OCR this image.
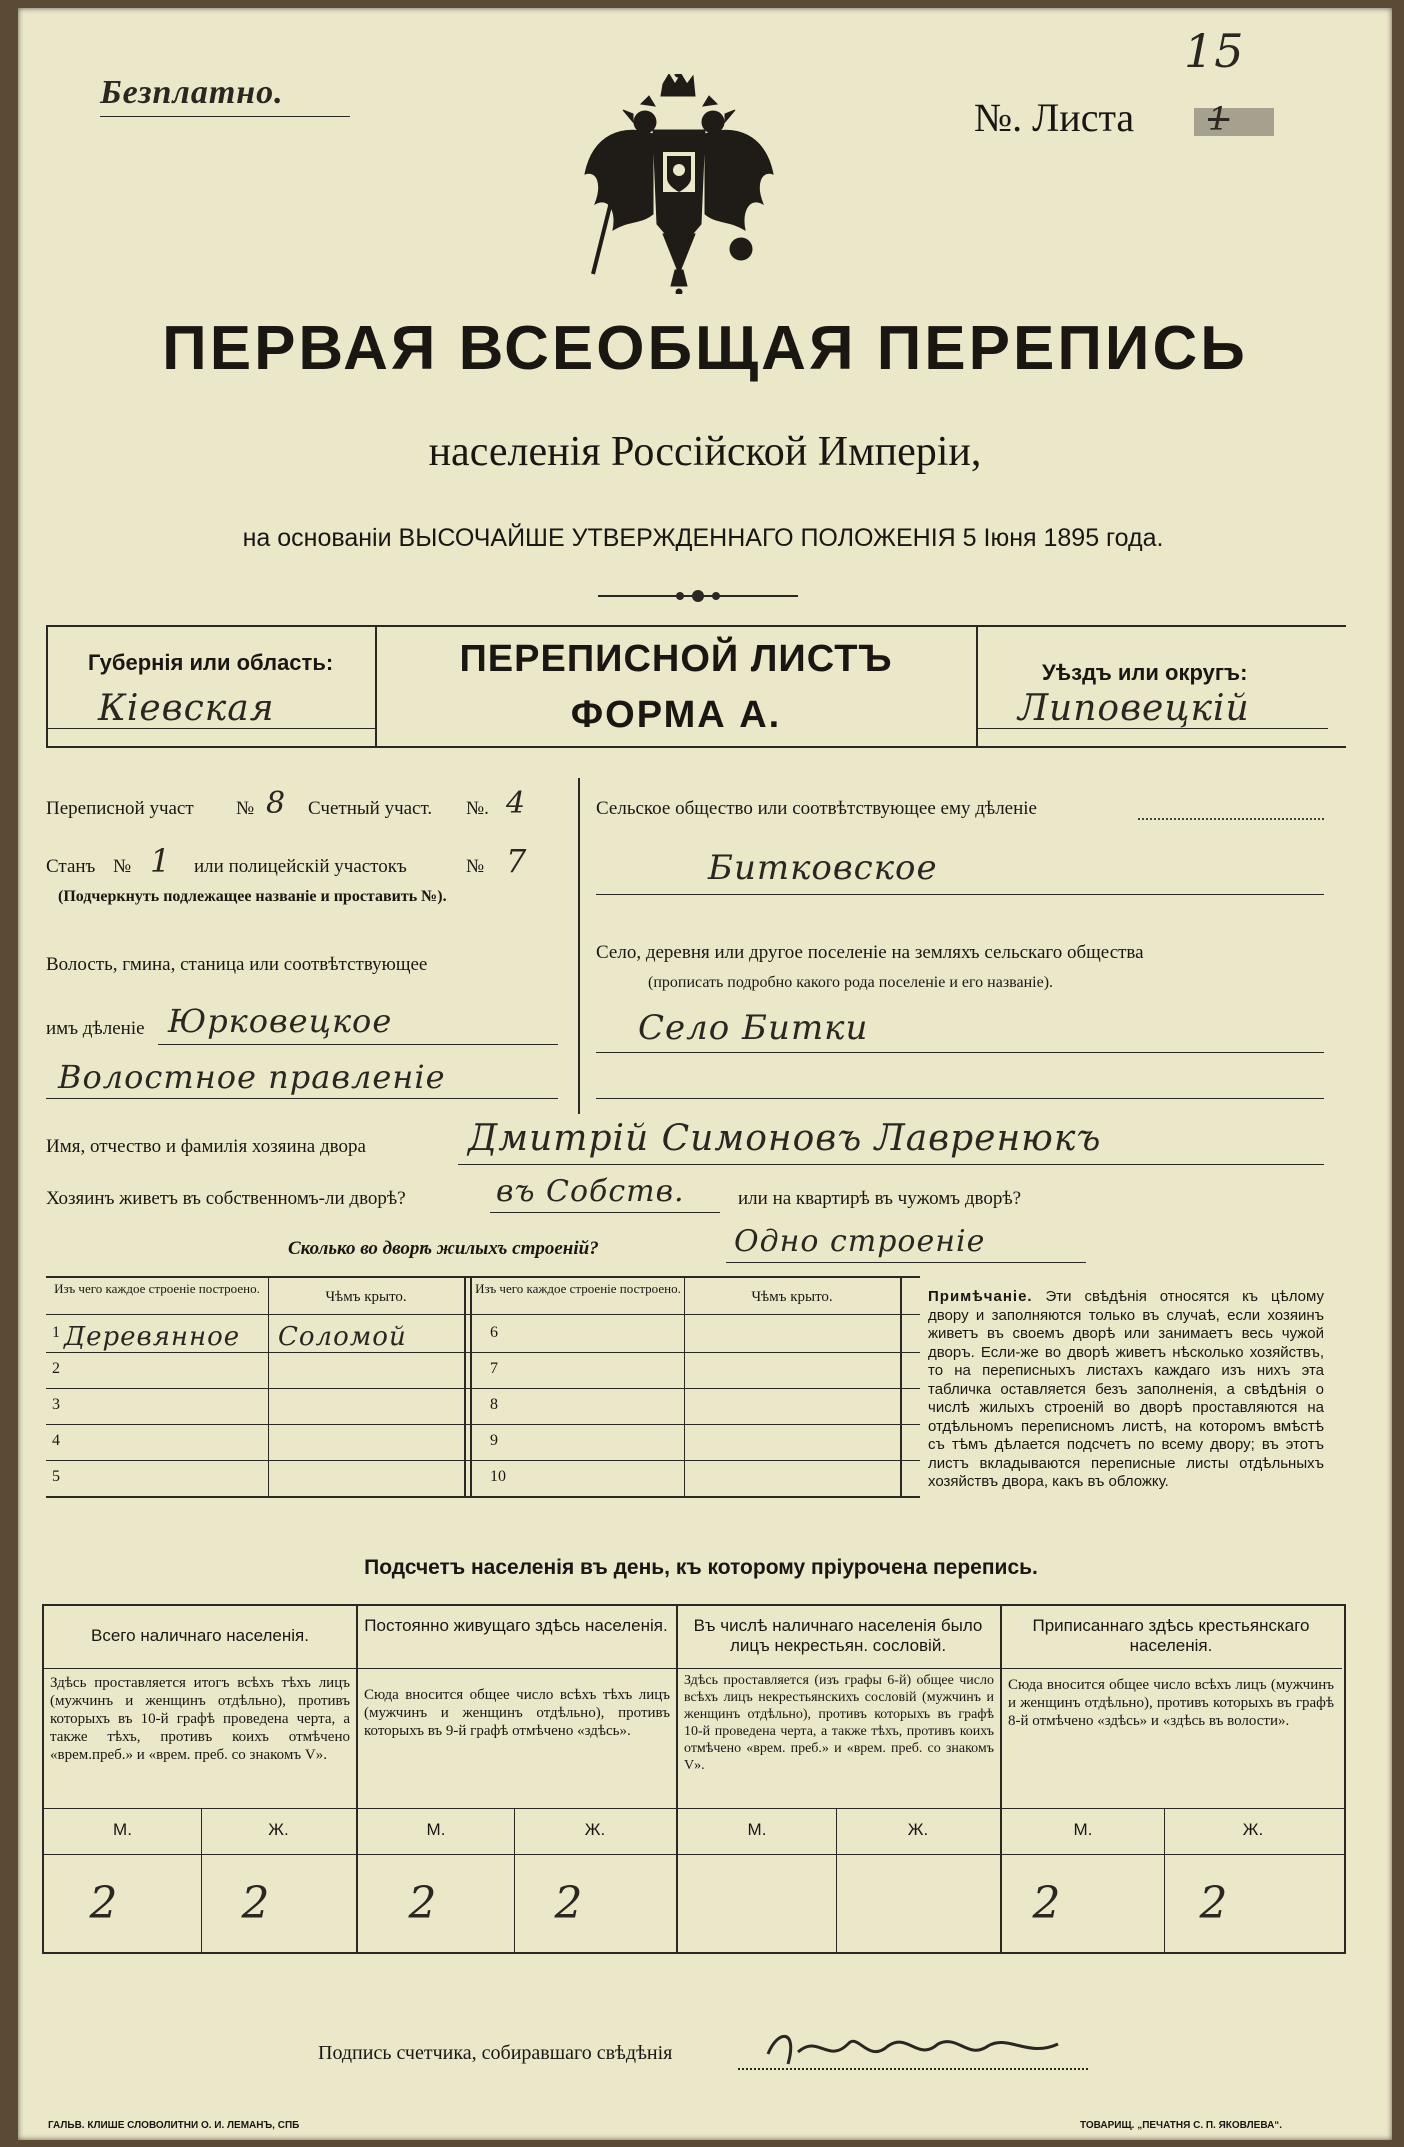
Безплатно.
№. Листа
15
1
ПЕРВАЯ ВСЕОБЩАЯ ПЕРЕПИСЬ
населенія Россійской Имперіи,
на основаніи ВЫСОЧАЙШЕ УТВЕРЖДЕННАГО ПОЛОЖЕНІЯ 5 Іюня 1895 года.
Губернія или область:
Кіевская
ПЕРЕПИСНОЙ ЛИСТЪ
ФОРМА А.
Уѣздъ или округъ:
Липовецкій
Переписной участ № 8 Счетный участ. №. 4
Станъ № 1 или полицейскій участокъ	№ 7
(Подчеркнуть подлежащее названіе и проставить №).
Волость, гмина, станица или соотвѣтствующее
имъ дѣленіе Юрковецкое
Волостное правленіе
Сельское общество или соотвѣтствующее ему дѣленіе
Битковское
Село, деревня или другое поселеніе на земляхъ сельскаго общества
(прописать подробно какого рода поселеніе и его названіе).
Село Битки
Имя, отчество и фамилія хозяина двора	Дмитрій Симоновъ Лавренюкъ
Хозяинъ живетъ въ собственномъ-ли дворѣ?	въ Собств.	или на квартирѣ въ чужомъ дворѣ?
Сколько во дворѣ жилыхъ строеній?	Одно строеніе
Изъ чего каждое строеніе построено.
Чѣмъ крыто.
Изъ чего каждое строеніе построено.
Чѣмъ крыто.
1 Деревянное Соломой
2
3
4
5
6
7
8
9
10
Примѣчаніе. Эти свѣдѣнія относятся къ цѣлому двору и заполняются только въ случаѣ, если хозяинъ живетъ въ своемъ дворѣ или занимаетъ весь чужой дворъ. Если-же во дворѣ живетъ нѣсколько хозяйствъ, то на переписныхъ листахъ каждаго изъ нихъ эта табличка оставляется безъ заполненія, а свѣдѣнія о числѣ жилыхъ строеній во дворѣ проставляются на отдѣльномъ переписномъ листѣ, на которомъ вмѣстѣ съ тѣмъ дѣлается подсчетъ по всему двору; въ этотъ листъ вкладываются переписные листы отдѣльныхъ хозяйствъ двора, какъ въ обложку.
Подсчетъ населенія въ день, къ которому пріурочена перепись.
Всего наличнаго населенія.
Здѣсь проставляется итогъ всѣхъ тѣхъ лицъ (мужчинъ и женщинъ отдѣльно), противъ которыхъ въ 10-й графѣ проведена черта, а также тѣхъ, противъ коихъ отмѣчено «врем.преб.» и «врем. преб. со знакомъ V».
М.	Ж.
2	2
Постоянно живущаго здѣсь населенія.
Сюда вносится общее число всѣхъ тѣхъ лицъ (мужчинъ и женщинъ отдѣльно), противъ которыхъ въ 9-й графѣ отмѣчено «здѣсь».
М.	Ж.
2	2
Въ числѣ наличнаго населенія было лицъ некрестьян. сословій.
Здѣсь проставляется (изъ графы 6-й) общее число всѣхъ лицъ некрестьянскихъ сословій (мужчинъ и женщинъ отдѣльно), противъ которыхъ въ графѣ 10-й проведена черта, а также тѣхъ, противъ коихъ отмѣчено «врем. преб.» и «врем. преб. со знакомъ V».
М.	Ж.
Приписаннаго здѣсь крестьянскаго населенія.
Сюда вносится общее число всѣхъ лицъ (мужчинъ и женщинъ отдѣльно), противъ которыхъ въ графѣ 8-й отмѣчено «здѣсь» и «здѣсь въ волости».
М.	Ж.
2	2
Подпись счетчика, собиравшаго свѣдѣнія
ГАЛЬВ. КЛИШЕ СЛОВОЛИТНИ О. И. ЛЕМАНЪ, СПБ	ТОВАРИЩ. „ПЕЧАТНЯ С. П. ЯКОВЛЕВА“.
